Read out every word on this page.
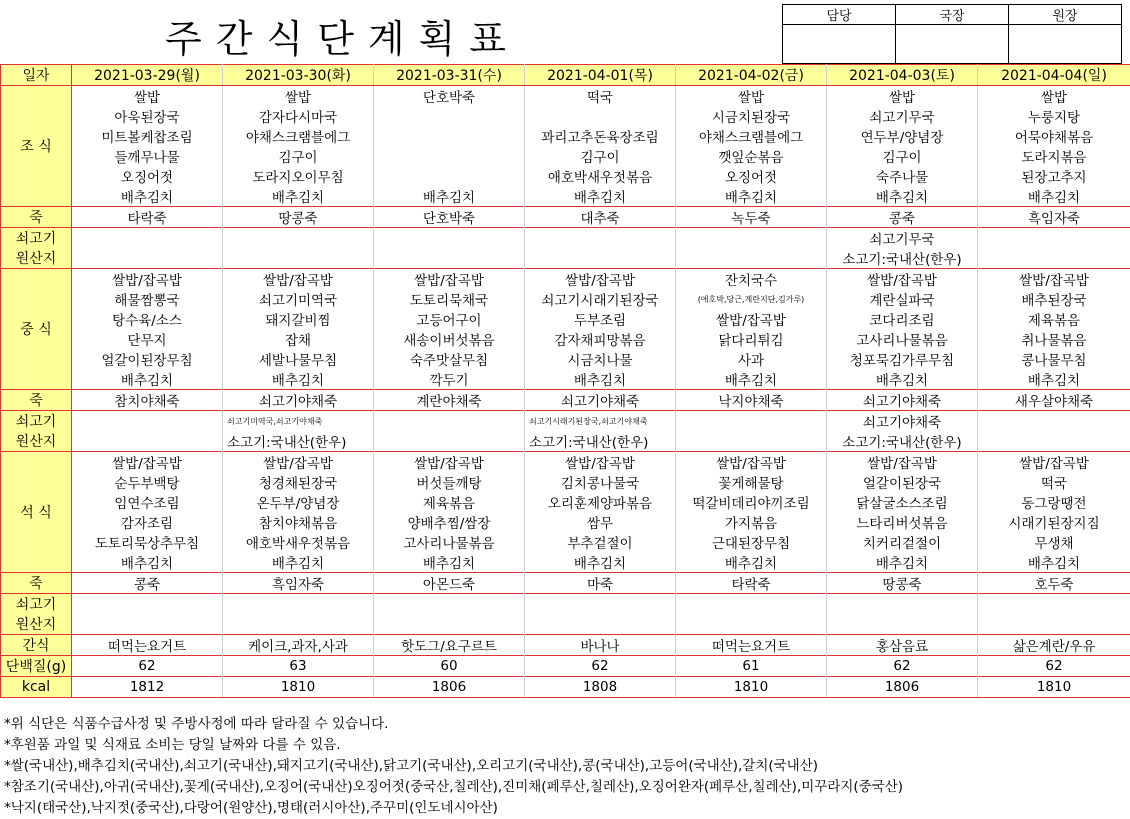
주간식단계획표
담당	국장	원장

일자	2021-03-29(월)	2021-03-30(화)	2021-03-31(수)	2021-04-01(목)	2021-04-02(금)	2021-04-03(토)	2021-04-04(일)
조 식	쌀밥	쌀밥	단호박죽	떡국	쌀밥	쌀밥	쌀밥
	아욱된장국	감자다시마국			시금치된장국	쇠고기무국	누룽지탕
	미트볼케찹조림	야채스크램블에그		꽈리고추돈육장조림	야채스크램블에그	연두부/양념장	어묵야채볶음
	들깨무나물	김구이		김구이	깻잎순볶음	김구이	도라지볶음
	오징어젓	도라지오이무침		애호박새우젓볶음	오징어젓	숙주나물	된장고추지
	배추김치	배추김치	배추김치	배추김치	배추김치	배추김치	배추김치
죽	타락죽	땅콩죽	단호박죽	대추죽	녹두죽	콩죽	흑임자죽
쇠고기						쇠고기무국	
원산지						소고기:국내산(한우)	
중 식	쌀밥/잡곡밥	쌀밥/잡곡밥	쌀밥/잡곡밥	쌀밥/잡곡밥	잔치국수	쌀밥/잡곡밥	쌀밥/잡곡밥
	해물짬뽕국	쇠고기미역국	도토리묵채국	쇠고기시래기된장국	(애호박,당근,계란지단,김가루)	계란실파국	배추된장국
	탕수육/소스	돼지갈비찜	고등어구이	두부조림	쌀밥/잡곡밥	코다리조림	제육볶음
	단무지	잡채	새송이버섯볶음	감자채피망볶음	닭다리튀김	고사리나물볶음	취나물볶음
	얼갈이된장무침	세발나물무침	숙주맛살무침	시금치나물	사과	청포묵김가루무침	콩나물무침
	배추김치	배추김치	깍두기	배추김치	배추김치	배추김치	배추김치
죽	참치야채죽	쇠고기야채죽	계란야채죽	쇠고기야채죽	낙지야채죽	쇠고기야채죽	새우살야채죽
쇠고기		쇠고기미역국,쇠고기야채죽		쇠고기시래기된장국,쇠고기야채죽		쇠고기야채죽	
원산지		소고기:국내산(한우)		소고기:국내산(한우)		소고기:국내산(한우)	
석 식	쌀밥/잡곡밥	쌀밥/잡곡밥	쌀밥/잡곡밥	쌀밥/잡곡밥	쌀밥/잡곡밥	쌀밥/잡곡밥	쌀밥/잡곡밥
	순두부백탕	청경채된장국	버섯들깨탕	김치콩나물국	꽃게해물탕	얼갈이된장국	떡국
	임연수조림	온두부/양념장	제육볶음	오리훈제양파볶음	떡갈비데리야끼조림	닭살굴소스조림	동그랑땡전
	감자조림	참치야채볶음	양배추찜/쌈장	쌈무	가지볶음	느타리버섯볶음	시래기된장지짐
	도토리묵상추무침	애호박새우젓볶음	고사리나물볶음	부추겉절이	근대된장무침	치커리겉절이	무생채
	배추김치	배추김치	배추김치	배추김치	배추김치	배추김치	배추김치
죽	콩죽	흑임자죽	아몬드죽	마죽	타락죽	땅콩죽	호두죽
쇠고기							
원산지							
간식	떠먹는요거트	케이크,과자,사과	핫도그/요구르트	바나나	떠먹는요거트	홍삼음료	삶은계란/우유
단백질(g)	62	63	60	62	61	62	62
kcal	1812	1810	1806	1808	1810	1806	1810
*위 식단은 식품수급사정 및 주방사정에 따라 달라질 수 있습니다.
*후원품 과일 및 식재료 소비는 당일 날짜와 다를 수 있음.
*쌀(국내산),배추김치(국내산),쇠고기(국내산),돼지고기(국내산),닭고기(국내산),오리고기(국내산),콩(국내산),고등어(국내산),갈치(국내산)
*참조기(국내산),아귀(국내산),꽃게(국내산),오징어(국내산)오징어젓(중국산,칠레산),진미채(페루산,칠레산),오징어완자(페루산,칠레산),미꾸라지(중국산)
*낙지(태국산),낙지젓(중국산),다랑어(원양산),명태(러시아산),주꾸미(인도네시아산)
